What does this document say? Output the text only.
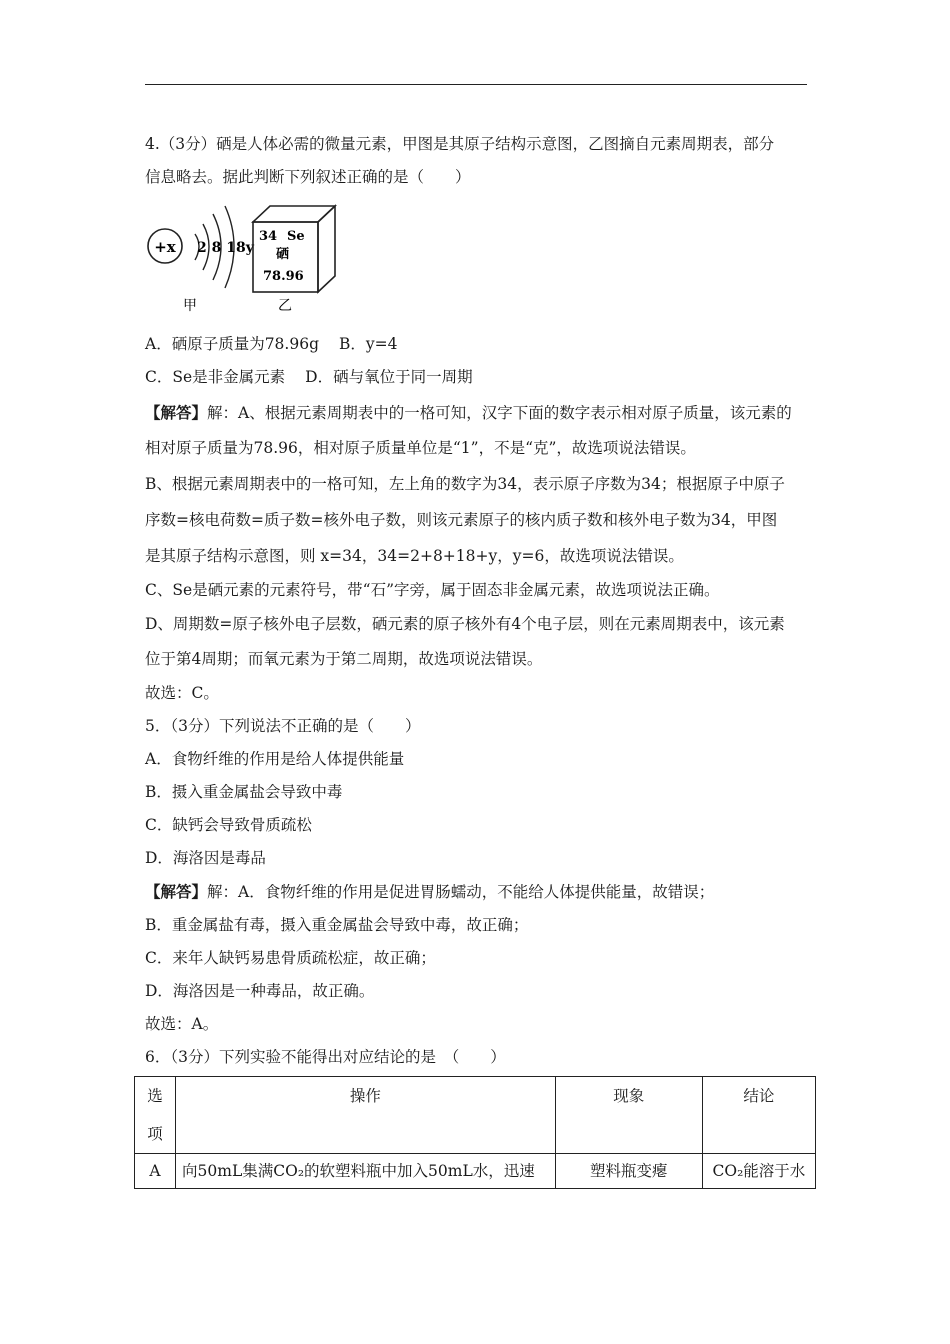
4.（3分）硒是人体必需的微量元素，甲图是其原子结构示意图，乙图摘自元素周期表，部分
信息略去。据此判断下列叙述正确的是（　　）
+x 2 8 18y
甲
34 Se
硒
78.96
乙
A．硒原子质量为78.96g B．y=4
C．Se是非金属元素 D．硒与氧位于同一周期
【解答】解：A、根据元素周期表中的一格可知，汉字下面的数字表示相对原子质量，该元素的
相对原子质量为78.96，相对原子质量单位是“1”，不是“克”，故选项说法错误。
B、根据元素周期表中的一格可知，左上角的数字为34，表示原子序数为34；根据原子中原子
序数=核电荷数=质子数=核外电子数，则该元素原子的核内质子数和核外电子数为34，甲图
是其原子结构示意图，则 x=34，34=2+8+18+y，y=6，故选项说法错误。
C、Se是硒元素的元素符号，带“石”字旁，属于固态非金属元素，故选项说法正确。
D、周期数=原子核外电子层数，硒元素的原子核外有4个电子层，则在元素周期表中，该元素
位于第4周期；而氧元素为于第二周期，故选项说法错误。
故选：C。
5．（3分）下列说法不正确的是（　　）
A．食物纤维的作用是给人体提供能量
B．摄入重金属盐会导致中毒
C．缺钙会导致骨质疏松
D．海洛因是毒品
【解答】解：A．食物纤维的作用是促进胃肠蠕动，不能给人体提供能量，故错误；
B．重金属盐有毒，摄入重金属盐会导致中毒，故正确；
C．来年人缺钙易患骨质疏松症，故正确；
D．海洛因是一种毒品，故正确。
故选：A。
6．（3分）下列实验不能得出对应结论的是　（　　）
选
项	操作	现象	结论
A	向50mL集满CO₂的软塑料瓶中加入50mL水，迅速	塑料瓶变瘪	CO₂能溶于水
